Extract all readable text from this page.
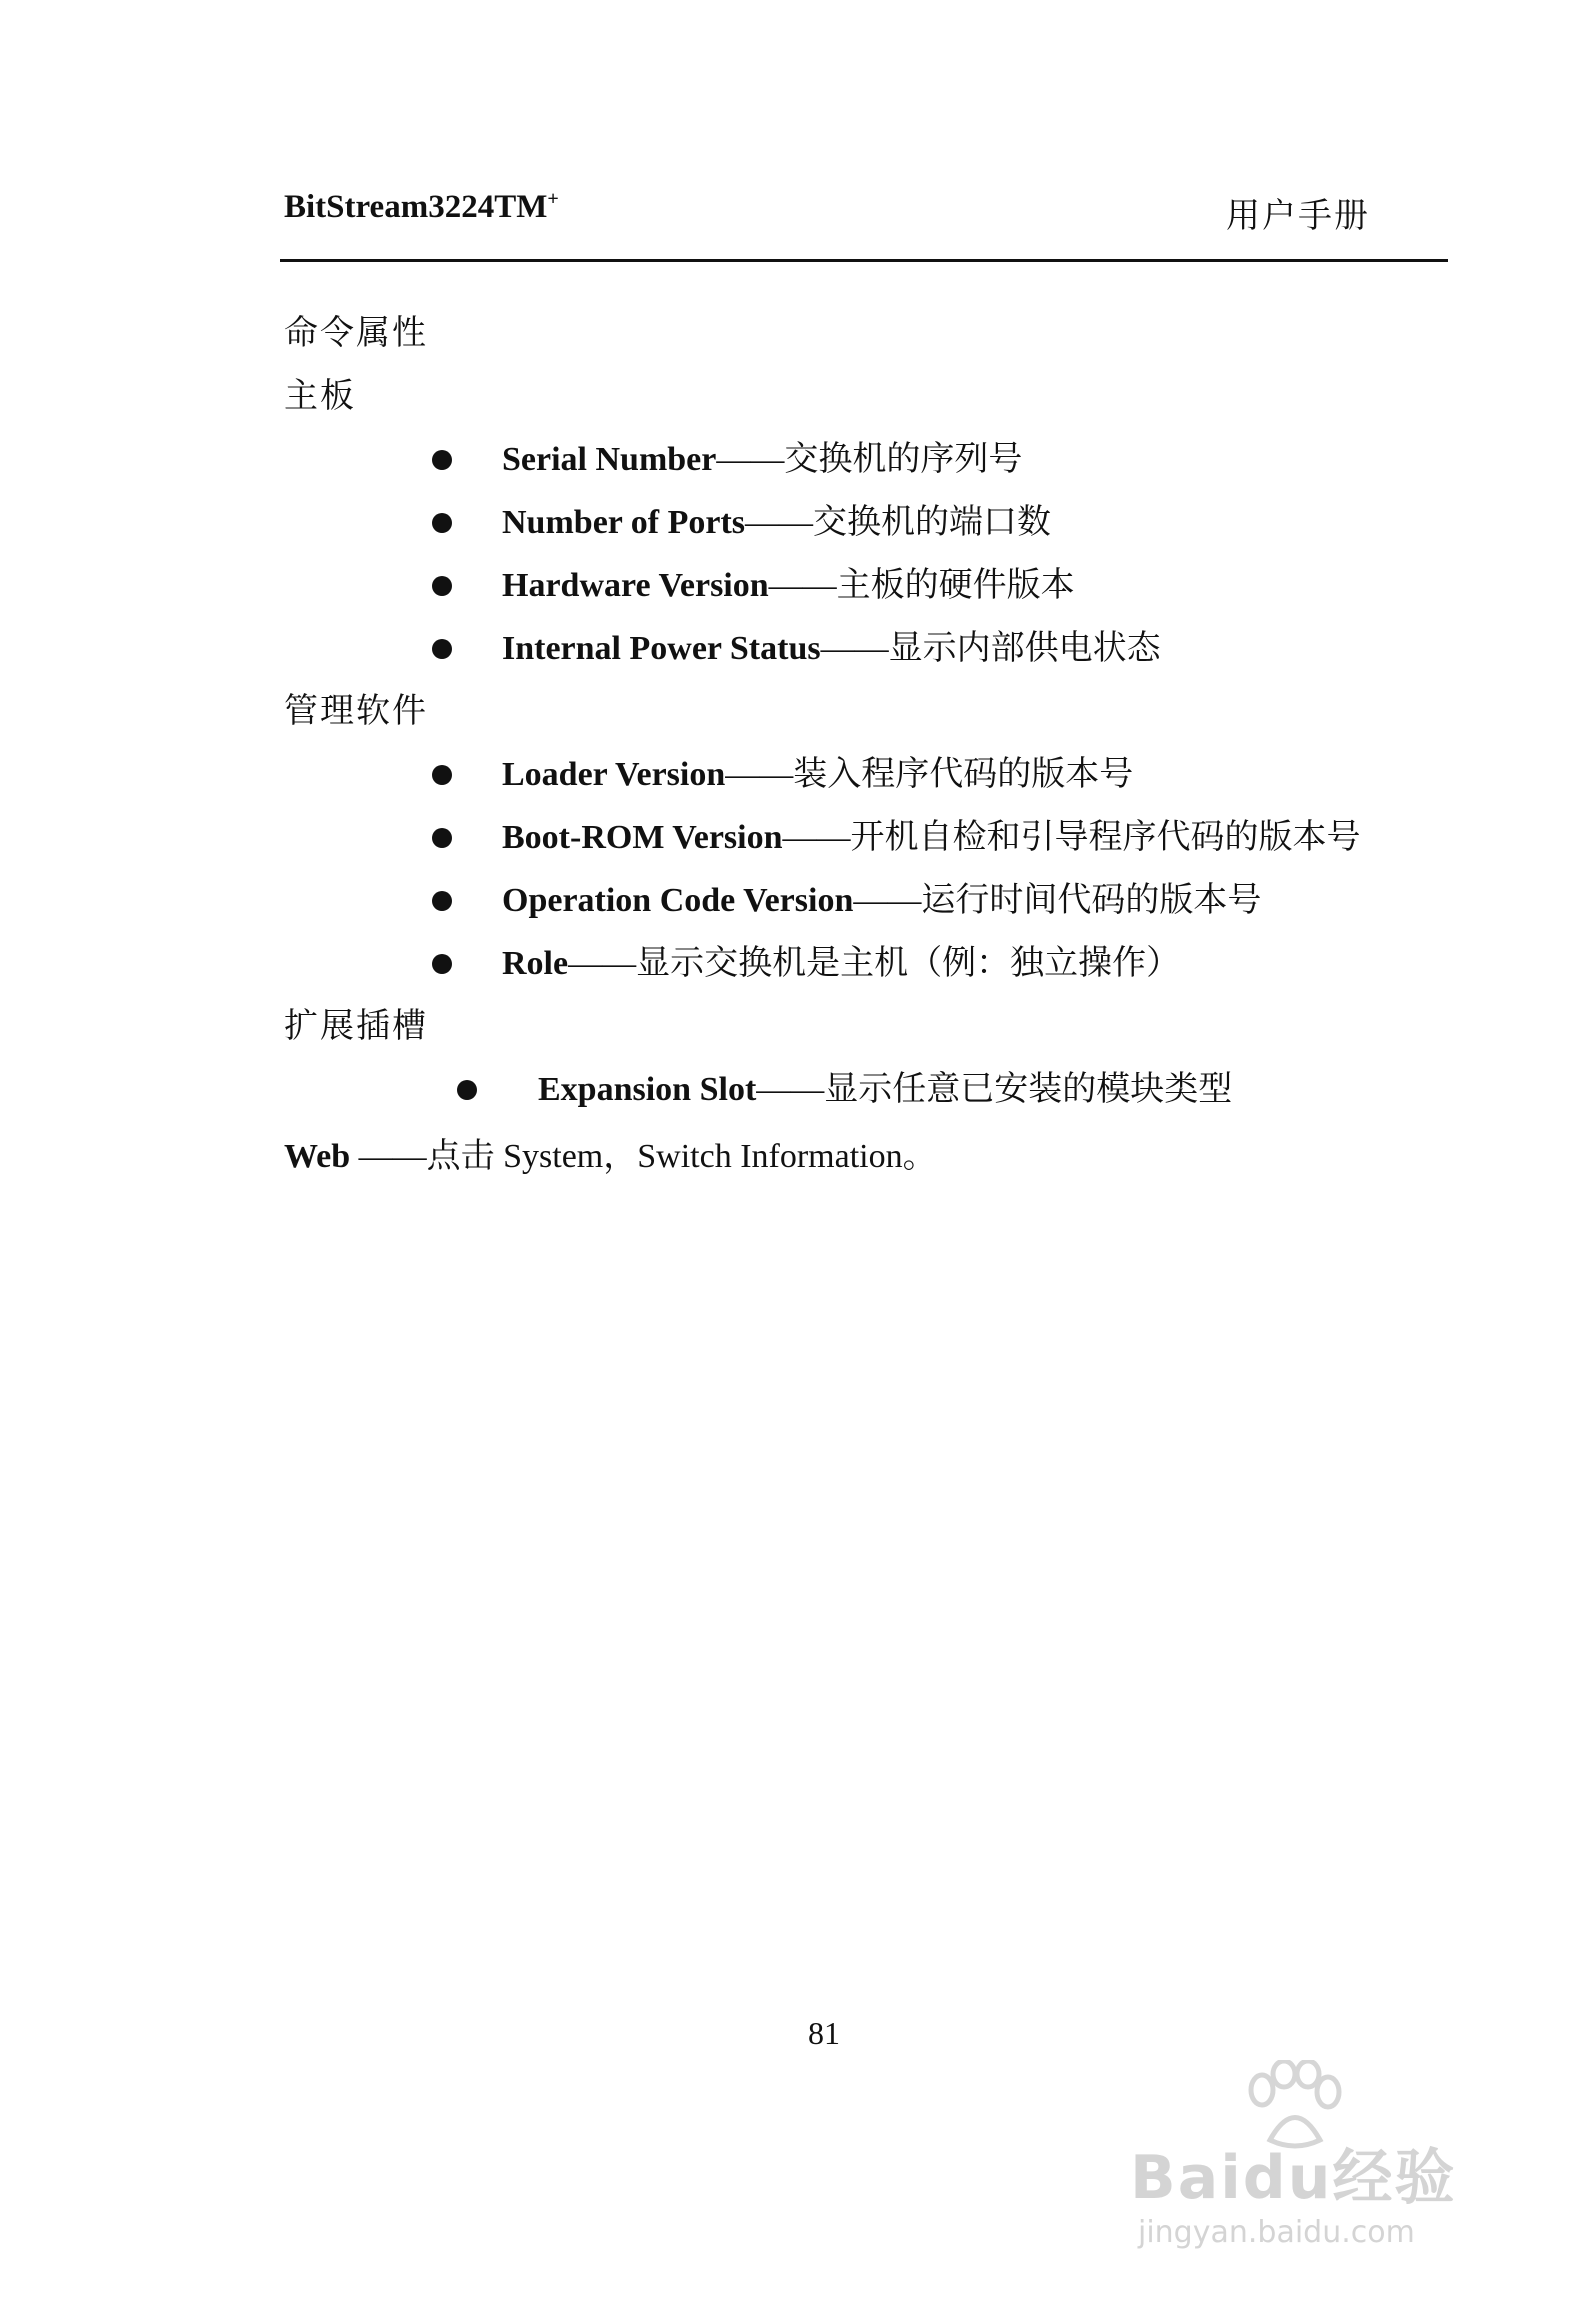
BitStream3224TM+	用户手册
命令属性
主板
Serial Number——交换机的序列号
Number of Ports——交换机的端口数
Hardware Version——主板的硬件版本
Internal Power Status——显示内部供电状态
管理软件
Loader Version——装入程序代码的版本号
Boot-ROM Version——开机自检和引导程序代码的版本号
Operation Code Version——运行时间代码的版本号
Role——显示交换机是主机（例：独立操作）
扩展插槽
Expansion Slot——显示任意已安装的模块类型
Web ——点击 System，Switch Information。
81
Baidu经验
jingyan.baidu.com
